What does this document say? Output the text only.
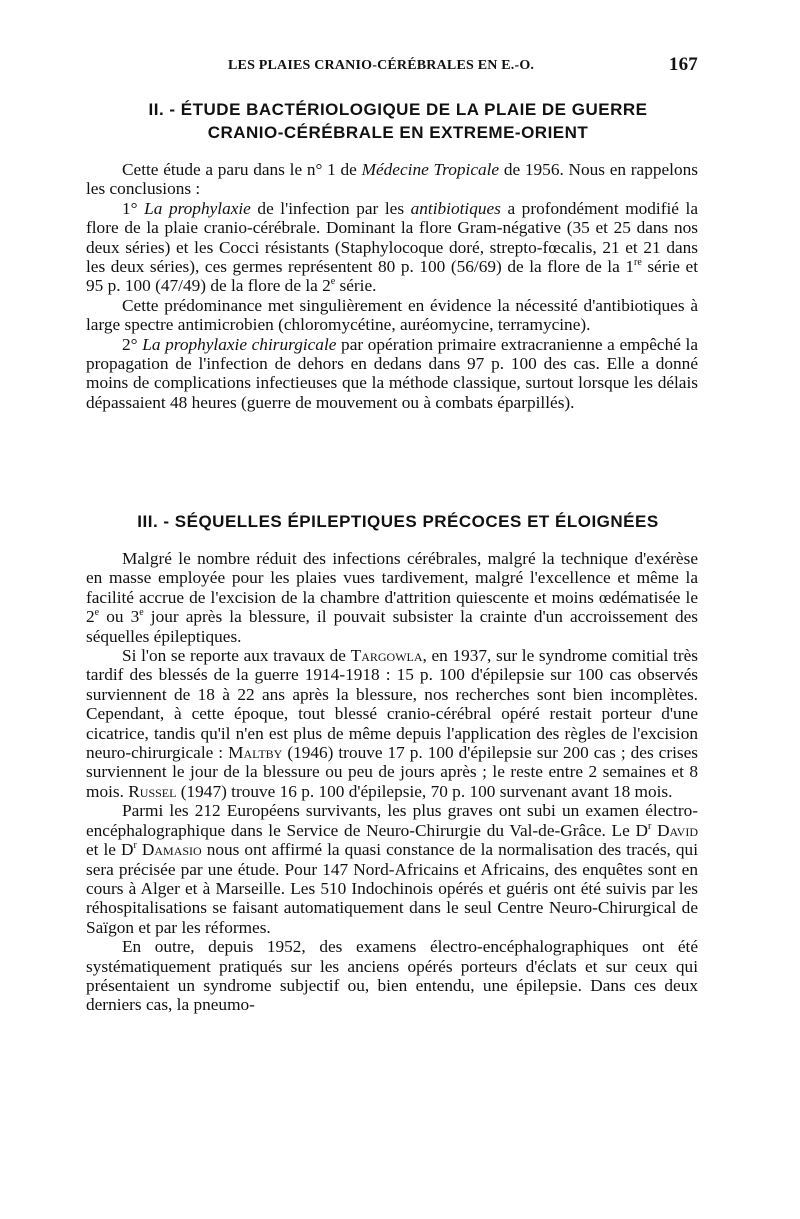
LES PLAIES CRANIO-CÉRÉBRALES EN E.-O.	167
II. - ÉTUDE BACTÉRIOLOGIQUE DE LA PLAIE DE GUERRE
CRANIO-CÉRÉBRALE EN EXTREME-ORIENT

Cette étude a paru dans le n° 1 de Médecine Tropicale de 1956. Nous en rappelons les conclusions :

1° La prophylaxie de l'infection par les antibiotiques a profondément modifié la flore de la plaie cranio-cérébrale. Dominant la flore Gram-négative (35 et 25 dans nos deux séries) et les Cocci résistants (Staphylocoque doré, strepto-fœcalis, 21 et 21 dans les deux séries), ces germes représentent 80 p. 100 (56/69) de la flore de la 1re série et 95 p. 100 (47/49) de la flore de la 2e série.

Cette prédominance met singulièrement en évidence la nécessité d'antibiotiques à large spectre antimicrobien (chloromycétine, auréomycine, terramycine).

2° La prophylaxie chirurgicale par opération primaire extracranienne a empêché la propagation de l'infection de dehors en dedans dans 97 p. 100 des cas. Elle a donné moins de complications infectieuses que la méthode classique, surtout lorsque les délais dépassaient 48 heures (guerre de mouvement ou à combats éparpillés).

III. - SÉQUELLES ÉPILEPTIQUES PRÉCOCES ET ÉLOIGNÉES

Malgré le nombre réduit des infections cérébrales, malgré la technique d'exérèse en masse employée pour les plaies vues tardivement, malgré l'excellence et même la facilité accrue de l'excision de la chambre d'attrition quiescente et moins œdématisée le 2e ou 3e jour après la blessure, il pouvait subsister la crainte d'un accroissement des séquelles épileptiques.

Si l'on se reporte aux travaux de Targowla, en 1937, sur le syndrome comitial très tardif des blessés de la guerre 1914-1918 : 15 p. 100 d'épilepsie sur 100 cas observés surviennent de 18 à 22 ans après la blessure, nos recherches sont bien incomplètes. Cependant, à cette époque, tout blessé cranio-cérébral opéré restait porteur d'une cicatrice, tandis qu'il n'en est plus de même depuis l'application des règles de l'excision neuro-chirurgicale : Maltby (1946) trouve 17 p. 100 d'épilepsie sur 200 cas ; des crises surviennent le jour de la blessure ou peu de jours après ; le reste entre 2 semaines et 8 mois. Russel (1947) trouve 16 p. 100 d'épilepsie, 70 p. 100 survenant avant 18 mois.

Parmi les 212 Européens survivants, les plus graves ont subi un examen électro-encéphalographique dans le Service de Neuro-Chirurgie du Val-de-Grâce. Le $D^r$ David et le $D^r$ Damasio nous ont affirmé la quasi constance de la normalisation des tracés, qui sera précisée par une étude. Pour 147 Nord-Africains et Africains, des enquêtes sont en cours à Alger et à Marseille. Les 510 Indochinois opérés et guéris ont été suivis par les réhospitalisations se faisant automatiquement dans le seul Centre Neuro-Chirurgical de Saïgon et par les réformes.

En outre, depuis 1952, des examens électro-encéphalographiques ont été systématiquement pratiqués sur les anciens opérés porteurs d'éclats et sur ceux qui présentaient un syndrome subjectif ou, bien entendu, une épilepsie. Dans ces deux derniers cas, la pneumo-
